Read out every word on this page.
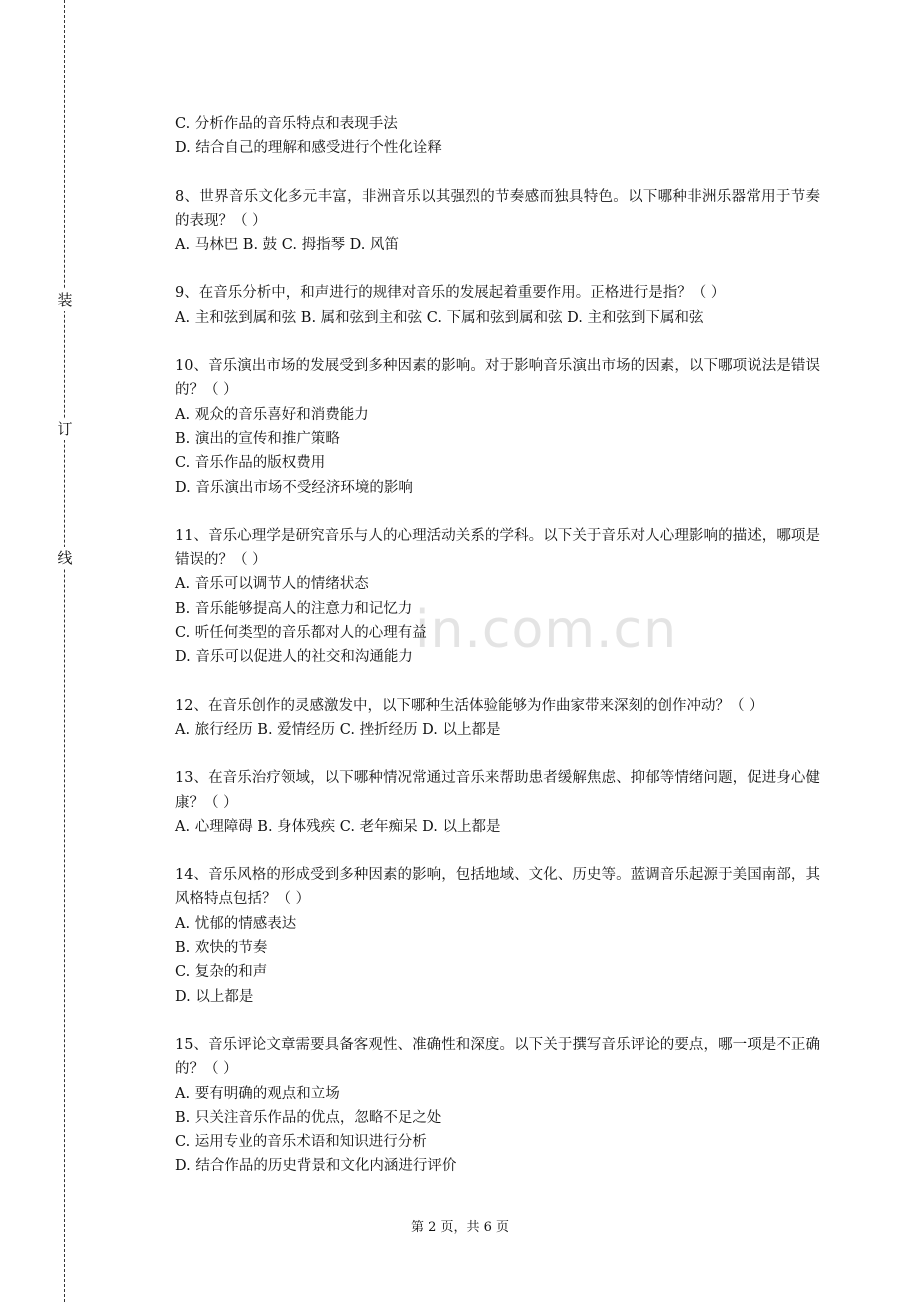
装
订
线
in.com.cn
C. 分析作品的音乐特点和表现手法
D. 结合自己的理解和感受进行个性化诠释
8、世界音乐文化多元丰富，非洲音乐以其强烈的节奏感而独具特色。以下哪种非洲乐器常用于节奏的表现？（ ）
A. 马林巴 B. 鼓 C. 拇指琴 D. 风笛
9、在音乐分析中，和声进行的规律对音乐的发展起着重要作用。正格进行是指？（ ）
A. 主和弦到属和弦 B. 属和弦到主和弦 C. 下属和弦到属和弦 D. 主和弦到下属和弦
10、音乐演出市场的发展受到多种因素的影响。对于影响音乐演出市场的因素，以下哪项说法是错误的？（ ）
A. 观众的音乐喜好和消费能力
B. 演出的宣传和推广策略
C. 音乐作品的版权费用
D. 音乐演出市场不受经济环境的影响
11、音乐心理学是研究音乐与人的心理活动关系的学科。以下关于音乐对人心理影响的描述，哪项是错误的？（ ）
A. 音乐可以调节人的情绪状态
B. 音乐能够提高人的注意力和记忆力
C. 听任何类型的音乐都对人的心理有益
D. 音乐可以促进人的社交和沟通能力
12、在音乐创作的灵感激发中，以下哪种生活体验能够为作曲家带来深刻的创作冲动？（ ）
A. 旅行经历 B. 爱情经历 C. 挫折经历 D. 以上都是
13、在音乐治疗领域，以下哪种情况常通过音乐来帮助患者缓解焦虑、抑郁等情绪问题，促进身心健康？（ ）
A. 心理障碍 B. 身体残疾 C. 老年痴呆 D. 以上都是
14、音乐风格的形成受到多种因素的影响，包括地域、文化、历史等。蓝调音乐起源于美国南部，其风格特点包括？（ ）
A. 忧郁的情感表达
B. 欢快的节奏
C. 复杂的和声
D. 以上都是
15、音乐评论文章需要具备客观性、准确性和深度。以下关于撰写音乐评论的要点，哪一项是不正确的？（ ）
A. 要有明确的观点和立场
B. 只关注音乐作品的优点，忽略不足之处
C. 运用专业的音乐术语和知识进行分析
D. 结合作品的历史背景和文化内涵进行评价
第 2 页，共 6 页
